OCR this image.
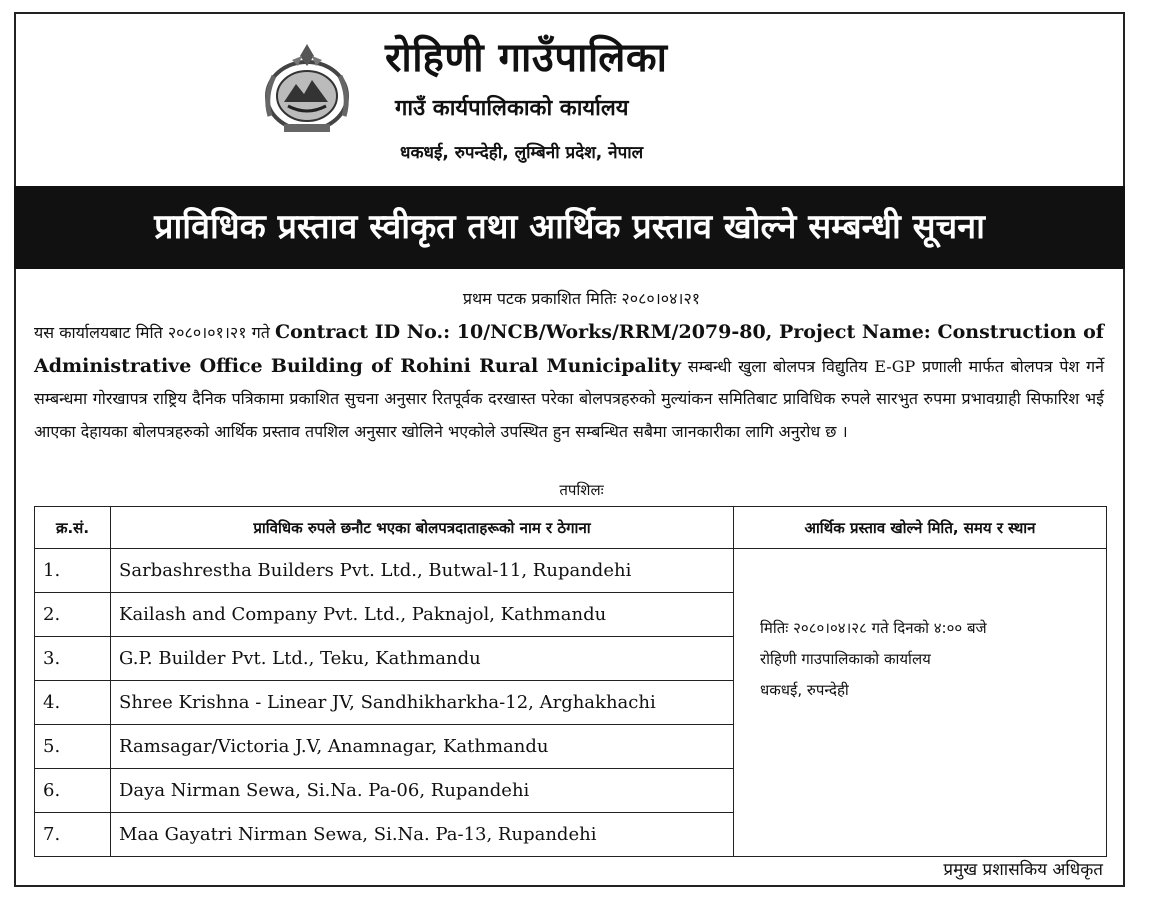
रोहिणी गाउँपालिका
गाउँ कार्यपालिकाको कार्यालय
धकधई, रुपन्देही, लुम्बिनी प्रदेश, नेपाल
प्राविधिक प्रस्ताव स्वीकृत तथा आर्थिक प्रस्ताव खोल्ने सम्बन्धी सूचना
प्रथम पटक प्रकाशित मितिः २०८०।०४।२१
यस कार्यालयबाट मिति २०८०।०१।२१ गते Contract ID No.: 10/NCB/Works/RRM/2079-80, Project Name: Construction of Administrative Office Building of Rohini Rural Municipality सम्बन्धी खुला बोलपत्र विद्युतिय E-GP प्रणाली मार्फत बोलपत्र पेश गर्ने सम्बन्धमा गोरखापत्र राष्ट्रिय दैनिक पत्रिकामा प्रकाशित सुचना अनुसार रितपूर्वक दरखास्त परेका बोलपत्रहरुको मुल्यांकन समितिबाट प्राविधिक रुपले सारभुत रुपमा प्रभावग्राही सिफारिश भई आएका देहायका बोलपत्रहरुको आर्थिक प्रस्ताव तपशिल अनुसार खोलिने भएकोले उपस्थित हुन सम्बन्धित सबैमा जानकारीका लागि अनुरोध छ ।
तपशिलः
क्र.सं.	प्राविधिक रुपले छनौट भएका बोलपत्रदाताहरूको नाम र ठेगाना	आर्थिक प्रस्ताव खोल्ने मिति, समय र स्थान
1.	Sarbashrestha Builders Pvt. Ltd., Butwal-11, Rupandehi	मितिः २०८०।०४।२८ गते दिनको ४:०० बजे
रोहिणी गाउपालिकाको कार्यालय
धकधई, रुपन्देही

2.	Kailash and Company Pvt. Ltd., Paknajol, Kathmandu	
3.	G.P. Builder Pvt. Ltd., Teku, Kathmandu	
4.	Shree Krishna - Linear JV, Sandhikharkha-12, Arghakhachi	
5.	Ramsagar/Victoria J.V, Anamnagar, Kathmandu	
6.	Daya Nirman Sewa, Si.Na. Pa-06, Rupandehi	
7.	Maa Gayatri Nirman Sewa, Si.Na. Pa-13, Rupandehi	
प्रमुख प्रशासकिय अधिकृत
